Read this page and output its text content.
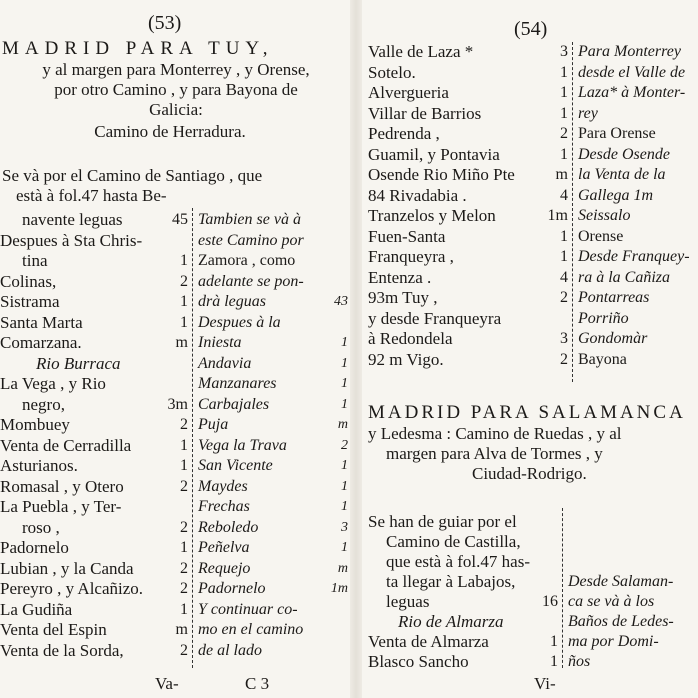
(53)
MADRID PARA TUY,
y al margen para Monterrey , y Orense,
por otro Camino , y para Bayona de
Galicia:
Camino de Herradura.
Se và por el Camino de Santiago , que
està à fol.47 hasta Be-
navente leguas	45
Despues à Sta Chris-
tina	1
Colinas,	2
Sistrama	1
Santa Marta	1
Comarzana.	m
Rio Burraca
La Vega , y Rio
negro,	3m
Mombuey	2
Venta de Cerradilla	1
Asturianos.	1
Romasal , y Otero	2
La Puebla , y Ter-
roso ,	2
Padornelo	1
Lubian , y la Canda	2
Pereyro , y Alcañizo.	2
La Gudiña	1
Venta del Espin	m
Venta de la Sorda,	2
Tambien se và à
este Camino por
Zamora , como
adelante se pon-
drà leguas	43
Despues à la
Iniesta	1
Andavia	1
Manzanares	1
Carbajales	1
Puja	m
Vega la Trava	2
San Vicente	1
Maydes	1
Frechas	1
Reboledo	3
Peñelva	1
Requejo	m
Padornelo	1m
Y continuar co-
mo en el camino
de al lado
Va-	C 3
(54)
Valle de Laza *	3
Sotelo.	1
Alvergueria	1
Villar de Barrios	1
Pedrenda ,	2
Guamil, y Pontavia	1
Osende Rio Miño Pte	m
84 Rivadabia .	4
Tranzelos y Melon	1m
Fuen-Santa	1
Franqueyra ,	1
Entenza .	4
93m Tuy ,	2
y desde Franqueyra
à Redondela	3
92 m Vigo.	2
Para Monterrey
desde el Valle de
Laza* à Monter-
rey
Para Orense
Desde Osende
la Venta de la
Gallega 1m
Seissalo
Orense
Desde Franquey-
ra à la Cañiza
Pontarreas
Porriño
Gondomàr
Bayona
MADRID PARA SALAMANCA
y Ledesma : Camino de Ruedas , y al
margen para Alva de Tormes , y
Ciudad-Rodrigo.
Se han de guiar por el
Camino de Castilla,
que està à fol.47 has-
ta llegar à Labajos,
leguas	16
Rio de Almarza
Venta de Almarza	1
Blasco Sancho	1
Desde Salaman-
ca se và à los
Baños de Ledes-
ma por Domi-
ños
Vi-
